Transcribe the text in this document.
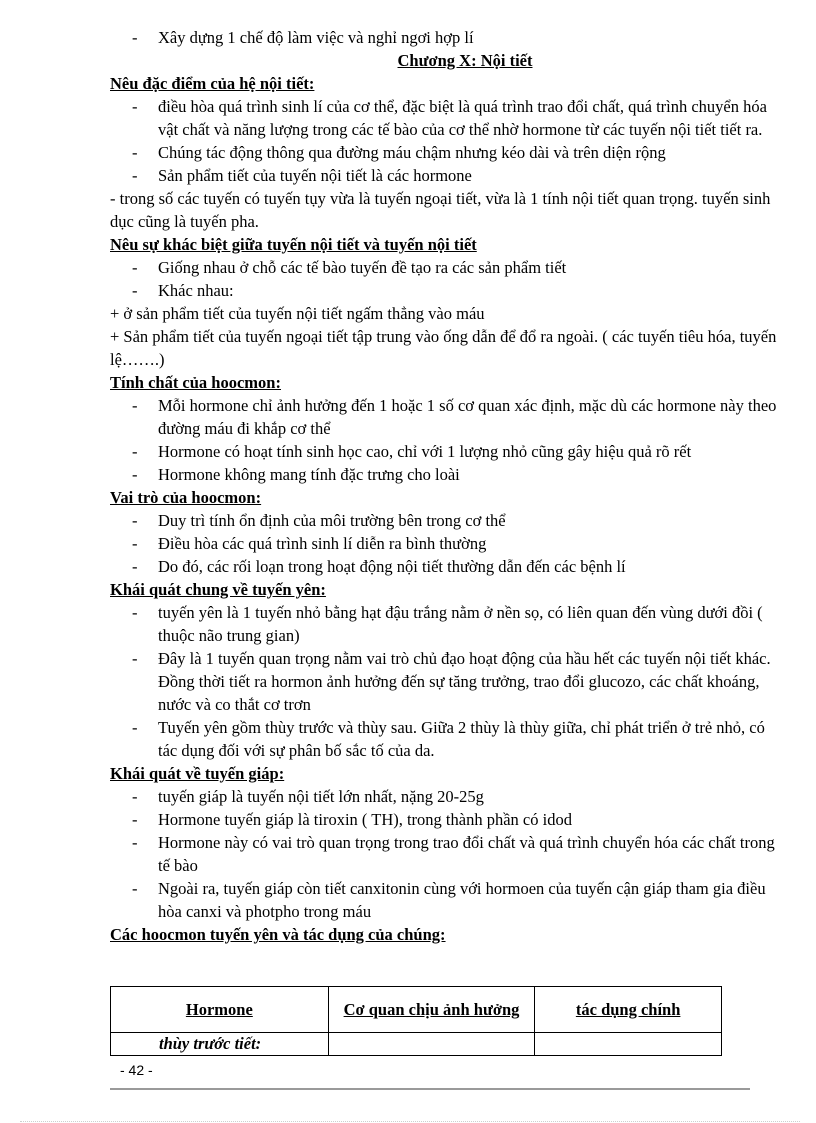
- Xây dựng 1 chế độ làm việc và nghỉ ngơi hợp lí
Chương X: Nội tiết
Nêu đặc điểm của hệ nội tiết:
- điều hòa quá trình sinh lí của cơ thể, đặc biệt là quá trình trao đổi chất, quá trình chuyển hóa vật chất và năng lượng trong các tế bào của cơ thể nhờ hormone từ các tuyến nội tiết tiết ra.
- Chúng tác động thông qua đường máu chậm nhưng kéo dài và trên diện rộng
- Sản phẩm tiết của tuyến nội tiết là các hormone
- trong số các tuyến có tuyến tụy vừa là tuyến ngoại tiết, vừa là 1 tính nội tiết quan trọng. tuyến sinh dục cũng là tuyến pha.
Nêu sự khác biệt giữa tuyến nội tiết và tuyến nội tiết
- Giống nhau ở chỗ các tế bào tuyến đề tạo ra các sản phẩm tiết
- Khác nhau:
+ ở sản phẩm tiết của tuyến nội tiết ngấm thẳng vào máu
+ Sản phẩm tiết của tuyến ngoại tiết tập trung vào ống dẫn để đổ ra ngoài. ( các tuyến tiêu hóa, tuyến lệ…….)
Tính chất của hoocmon:
- Mỗi hormone chỉ ảnh hưởng đến 1 hoặc 1 số cơ quan xác định, mặc dù các hormone này theo đường máu đi khắp cơ thể
- Hormone có hoạt tính sinh học cao, chỉ với 1 lượng nhỏ cũng gây hiệu quả rõ rết
- Hormone không mang tính đặc trưng cho loài
Vai trò của hoocmon:
- Duy trì tính ổn định của môi trường bên trong cơ thể
- Điều hòa các quá trình sinh lí diễn ra bình thường
- Do đó, các rối loạn trong hoạt động nội tiết thường dẫn đến các bệnh lí
Khái quát chung về tuyến yên:
- tuyến yên là 1 tuyến nhỏ bằng hạt đậu trắng nằm ở nền sọ, có liên quan đến vùng dưới đồi ( thuộc não trung gian)
- Đây là 1 tuyến quan trọng nằm vai trò chủ đạo hoạt động của hầu hết các tuyến nội tiết khác. Đồng thời tiết ra hormon ảnh hưởng đến sự tăng trưởng, trao đổi glucozo, các chất khoáng, nước và co thắt cơ trơn
- Tuyến yên gồm thùy trước và thùy sau. Giữa 2 thùy là thùy giữa, chỉ phát triển ở trẻ nhỏ, có tác dụng đối với sự phân bố sắc tố của da.
Khái quát về tuyến giáp:
- tuyến giáp là tuyến nội tiết lớn nhất, nặng 20-25g
- Hormone tuyến giáp là tiroxin ( TH), trong thành phần có idod
- Hormone này có vai trò quan trọng trong trao đổi chất và quá trình chuyển hóa các chất trong tế bào
- Ngoài ra, tuyến giáp còn tiết canxitonin cùng với hormoen của tuyến cận giáp tham gia điều hòa canxi và photpho trong máu
Các hoocmon tuyến yên và tác dụng của chúng:
Hormone	Cơ quan chịu ảnh hưởng	tác dụng chính
thùy trước tiết:		
- 42 -
